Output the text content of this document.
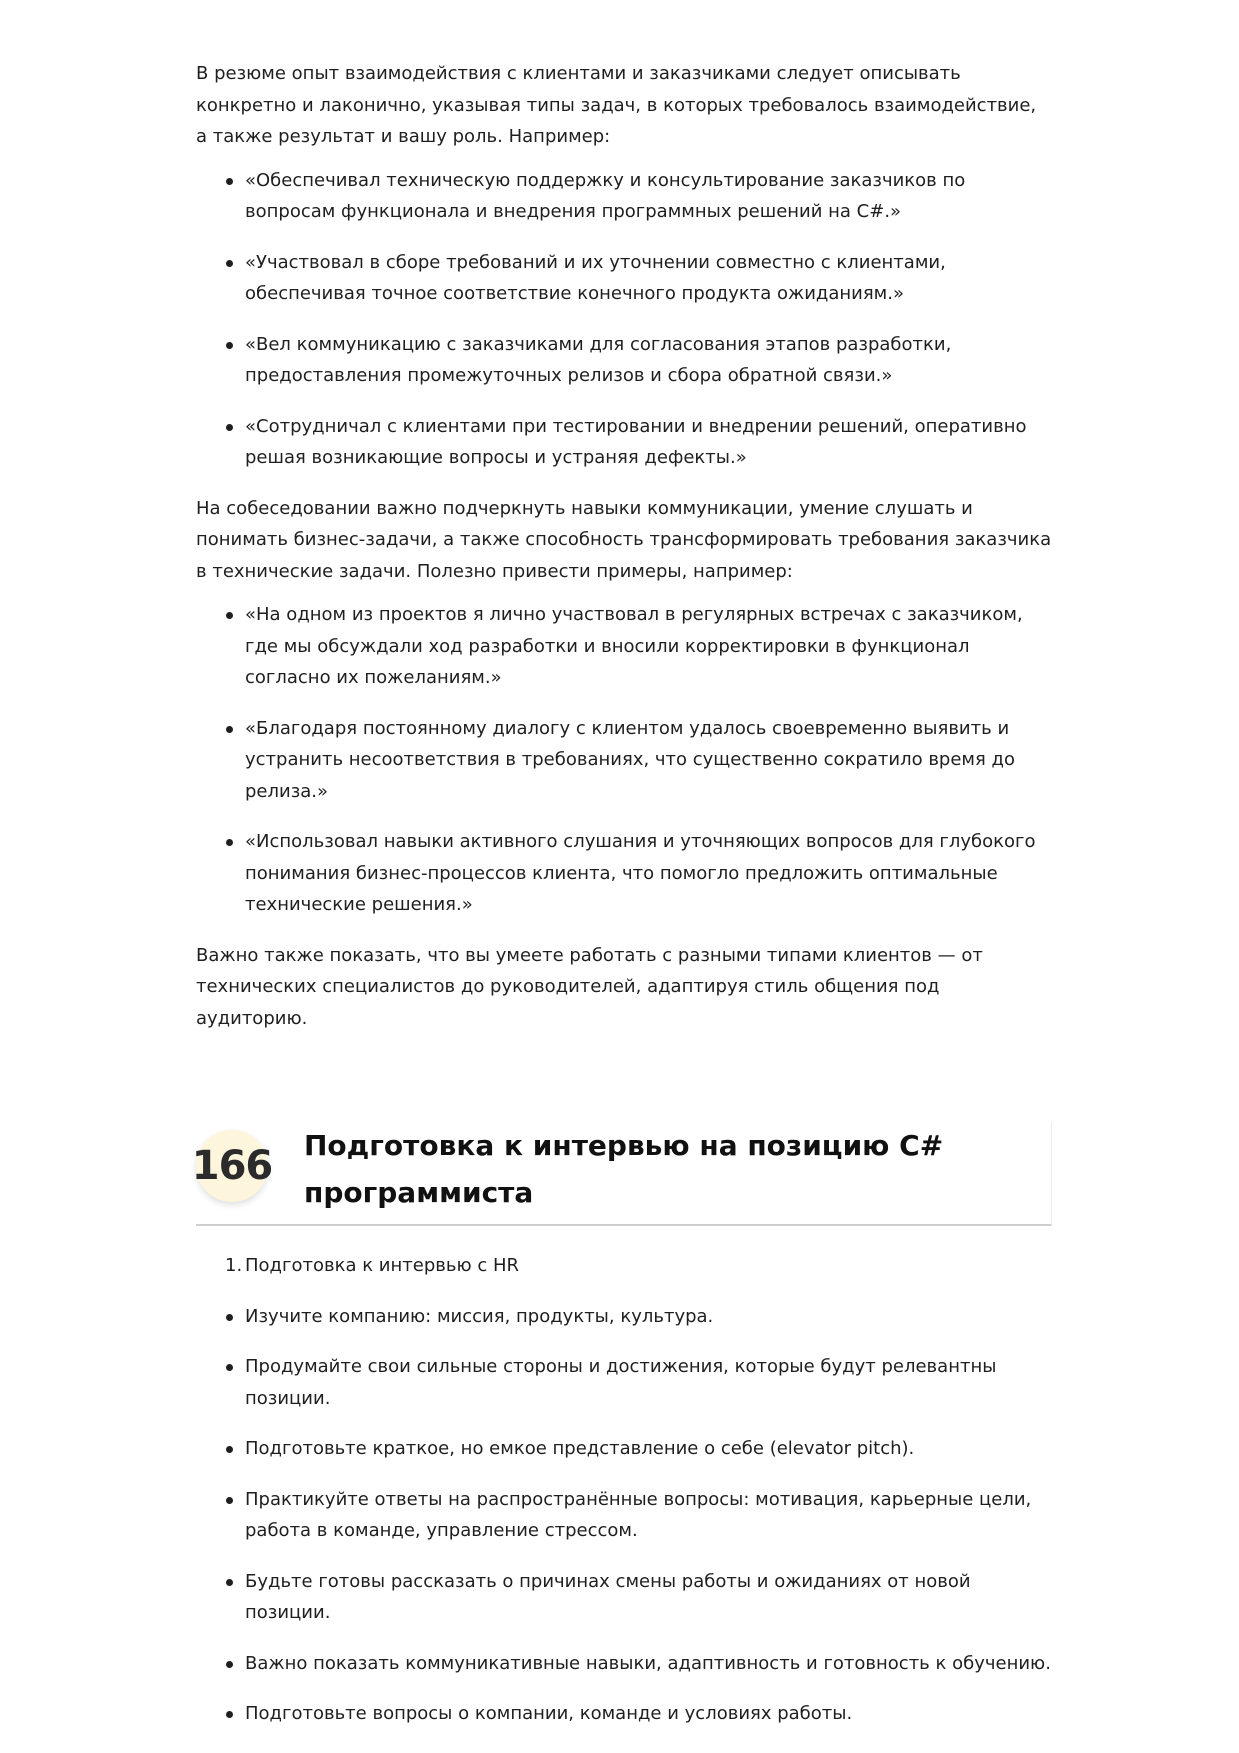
В резюме опыт взаимодействия с клиентами и заказчиками следует описывать конкретно и лаконично, указывая типы задач, в которых требовалось взаимодействие, а также результат и вашу роль. Например:

«Обеспечивал техническую поддержку и консультирование заказчиков по вопросам функционала и внедрения программных решений на C#.»
«Участвовал в сборе требований и их уточнении совместно с клиентами, обеспечивая точное соответствие конечного продукта ожиданиям.»
«Вел коммуникацию с заказчиками для согласования этапов разработки, предоставления промежуточных релизов и сбора обратной связи.»
«Сотрудничал с клиентами при тестировании и внедрении решений, оперативно решая возникающие вопросы и устраняя дефекты.»

На собеседовании важно подчеркнуть навыки коммуникации, умение слушать и понимать бизнес-задачи, а также способность трансформировать требования заказчика в технические задачи. Полезно привести примеры, например:

«На одном из проектов я лично участвовал в регулярных встречах с заказчиком, где мы обсуждали ход разработки и вносили корректировки в функционал согласно их пожеланиям.»
«Благодаря постоянному диалогу с клиентом удалось своевременно выявить и устранить несоответствия в требованиях, что существенно сократило время до релиза.»
«Использовал навыки активного слушания и уточняющих вопросов для глубокого понимания бизнес-процессов клиента, что помогло предложить оптимальные технические решения.»

Важно также показать, что вы умеете работать с разными типами клиентов — от технических специалистов до руководителей, адаптируя стиль общения под аудиторию.

166 Подготовка к интервью на позицию C# программиста
1. Подготовка к интервью с HR
Изучите компанию: миссия, продукты, культура.
Продумайте свои сильные стороны и достижения, которые будут релевантны позиции.
Подготовьте краткое, но емкое представление о себе (elevator pitch).
Практикуйте ответы на распространённые вопросы: мотивация, карьерные цели, работа в команде, управление стрессом.
Будьте готовы рассказать о причинах смены работы и ожиданиях от новой позиции.
Важно показать коммуникативные навыки, адаптивность и готовность к обучению.
Подготовьте вопросы о компании, команде и условиях работы.
